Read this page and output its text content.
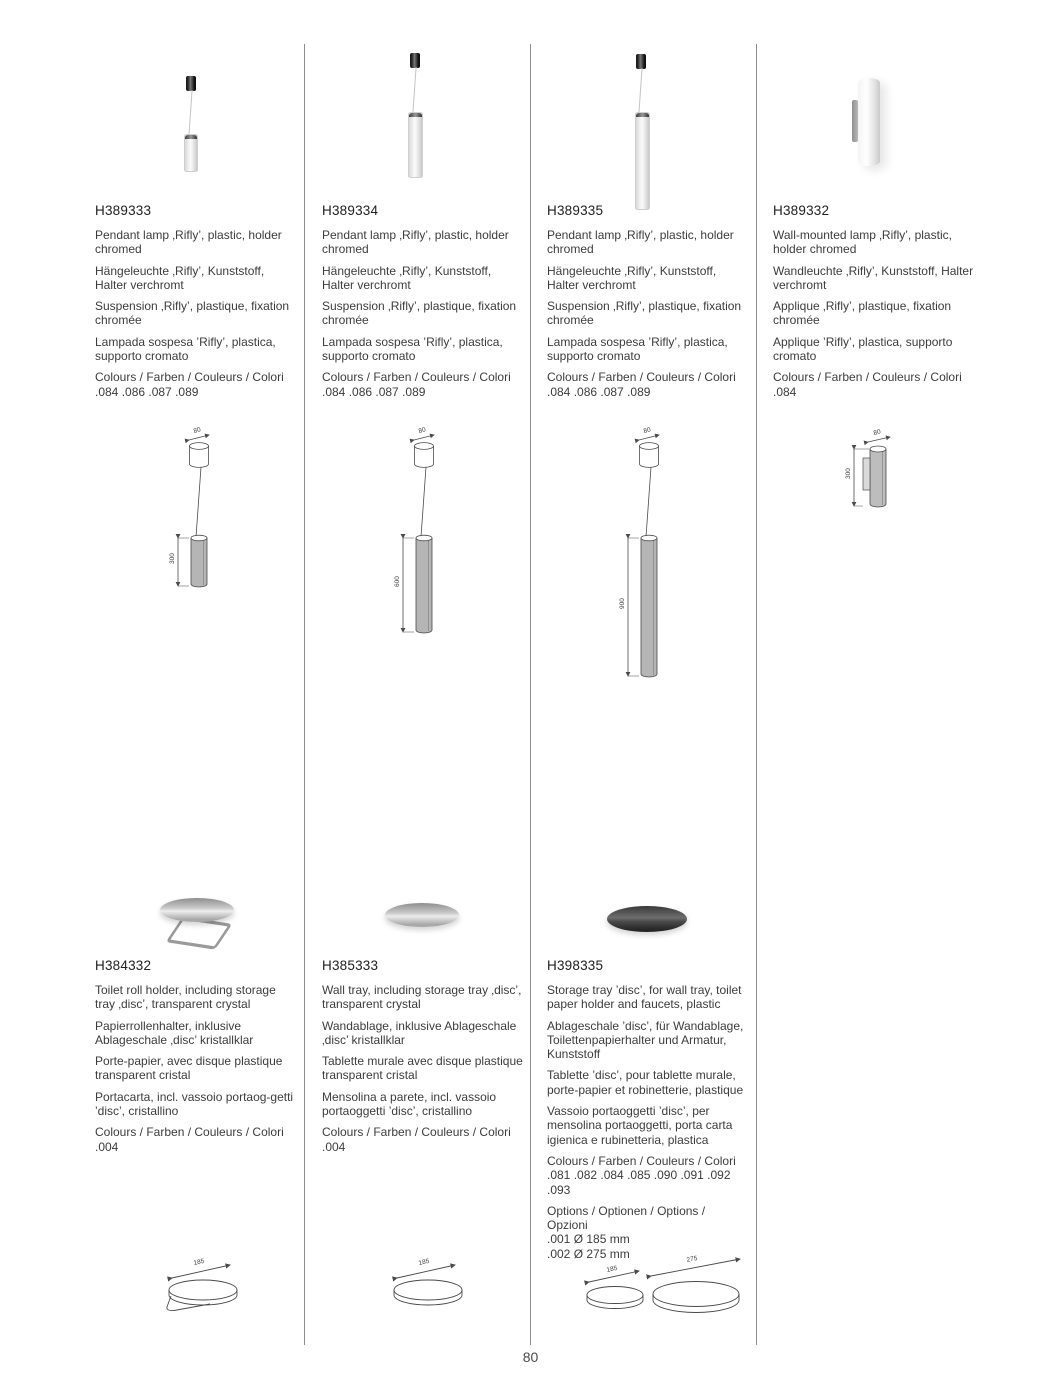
H389333

Pendant lamp ‚Rifly’, plastic, holder chromed

Hängeleuchte ‚Rifly’, Kunststoff, Halter verchromt

Suspension ‚Rifly’, plastique, fixation chromée

Lampada sospesa ’Rifly’, plastica, supporto cromato

Colours / Farben / Couleurs / Colori
.084 .086 .087 .089

H389334

Pendant lamp ‚Rifly’, plastic, holder chromed

Hängeleuchte ‚Rifly’, Kunststoff, Halter verchromt

Suspension ‚Rifly’, plastique, fixation chromée

Lampada sospesa ’Rifly’, plastica, supporto cromato

Colours / Farben / Couleurs / Colori
.084 .086 .087 .089

H389335

Pendant lamp ‚Rifly’, plastic, holder chromed

Hängeleuchte ‚Rifly’, Kunststoff, Halter verchromt

Suspension ‚Rifly’, plastique, fixation chromée

Lampada sospesa ’Rifly’, plastica, supporto cromato

Colours / Farben / Couleurs / Colori
.084 .086 .087 .089

H389332

Wall-mounted lamp ‚Rifly’, plastic, holder chromed

Wandleuchte ‚Rifly’, Kunststoff, Halter verchromt

Applique ‚Rifly’, plastique, fixation chromée

Applique ’Rifly’, plastica, supporto cromato

Colours / Farben / Couleurs / Colori
.084

80
300
80
600
80
900
80
300
H384332

Toilet roll holder, including storage tray ‚disc’, transparent crystal

Papierrollenhalter, inklusive Ablageschale ‚disc’ kristallklar

Porte-papier, avec disque plastique transparent cristal

Portacarta, incl. vassoio portaog-getti ’disc’, cristallino

Colours / Farben / Couleurs / Colori
.004

H385333

Wall tray, including storage tray ‚disc’, transparent crystal

Wandablage, inklusive Ablageschale ‚disc’ kristallklar

Tablette murale avec disque plastique transparent cristal

Mensolina a parete, incl. vassoio portaoggetti ’disc’, cristallino

Colours / Farben / Couleurs / Colori
.004

H398335

Storage tray ’disc’, for wall tray, toilet paper holder and faucets, plastic

Ablageschale ’disc’, für Wandablage, Toilettenpapierhalter und Armatur, Kunststoff

Tablette ’disc’, pour tablette murale, porte-papier et robinetterie, plastique

Vassoio portaoggetti ’disc’, per mensolina portaoggetti, porta carta igienica e rubinetteria, plastica

Colours / Farben / Couleurs / Colori
.081 .082 .084 .085 .090 .091 .092 .093

Options / Optionen / Options / Opzioni
.001 Ø 185 mm
.002 Ø 275 mm

185	185
185
275
80
